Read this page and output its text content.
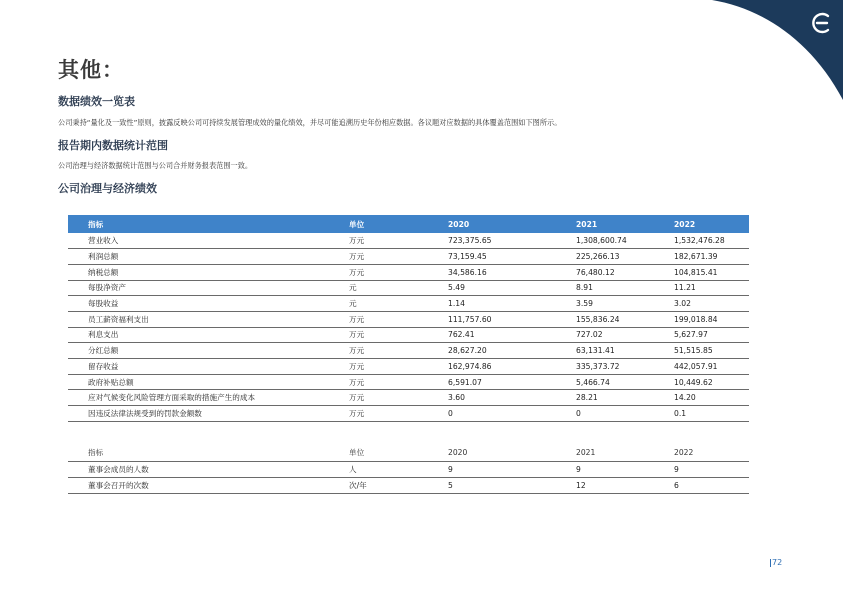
其他：
数据绩效一览表
公司秉持“量化及一致性”原则，披露反映公司可持续发展管理成效的量化绩效，并尽可能追溯历史年份相应数据。各议题对应数据的具体覆盖范围如下图所示。
报告期内数据统计范围
公司治理与经济数据统计范围与公司合并财务报表范围一致。
公司治理与经济绩效
指标	单位	2020	2021	2022
营业收入	万元	723,375.65	1,308,600.74	1,532,476.28
利润总额	万元	73,159.45	225,266.13	182,671.39
纳税总额	万元	34,586.16	76,480.12	104,815.41
每股净资产	元	5.49	8.91	11.21
每股收益	元	1.14	3.59	3.02
员工薪资福利支出	万元	111,757.60	155,836.24	199,018.84
利息支出	万元	762.41	727.02	5,627.97
分红总额	万元	28,627.20	63,131.41	51,515.85
留存收益	万元	162,974.86	335,373.72	442,057.91
政府补贴总额	万元	6,591.07	5,466.74	10,449.62
应对气候变化风险管理方面采取的措施产生的成本	万元	3.60	28.21	14.20
因违反法律法规受到的罚款金额数	万元	0	0	0.1
指标	单位	2020	2021	2022
董事会成员的人数	人	9	9	9
董事会召开的次数	次/年	5	12	6
72
